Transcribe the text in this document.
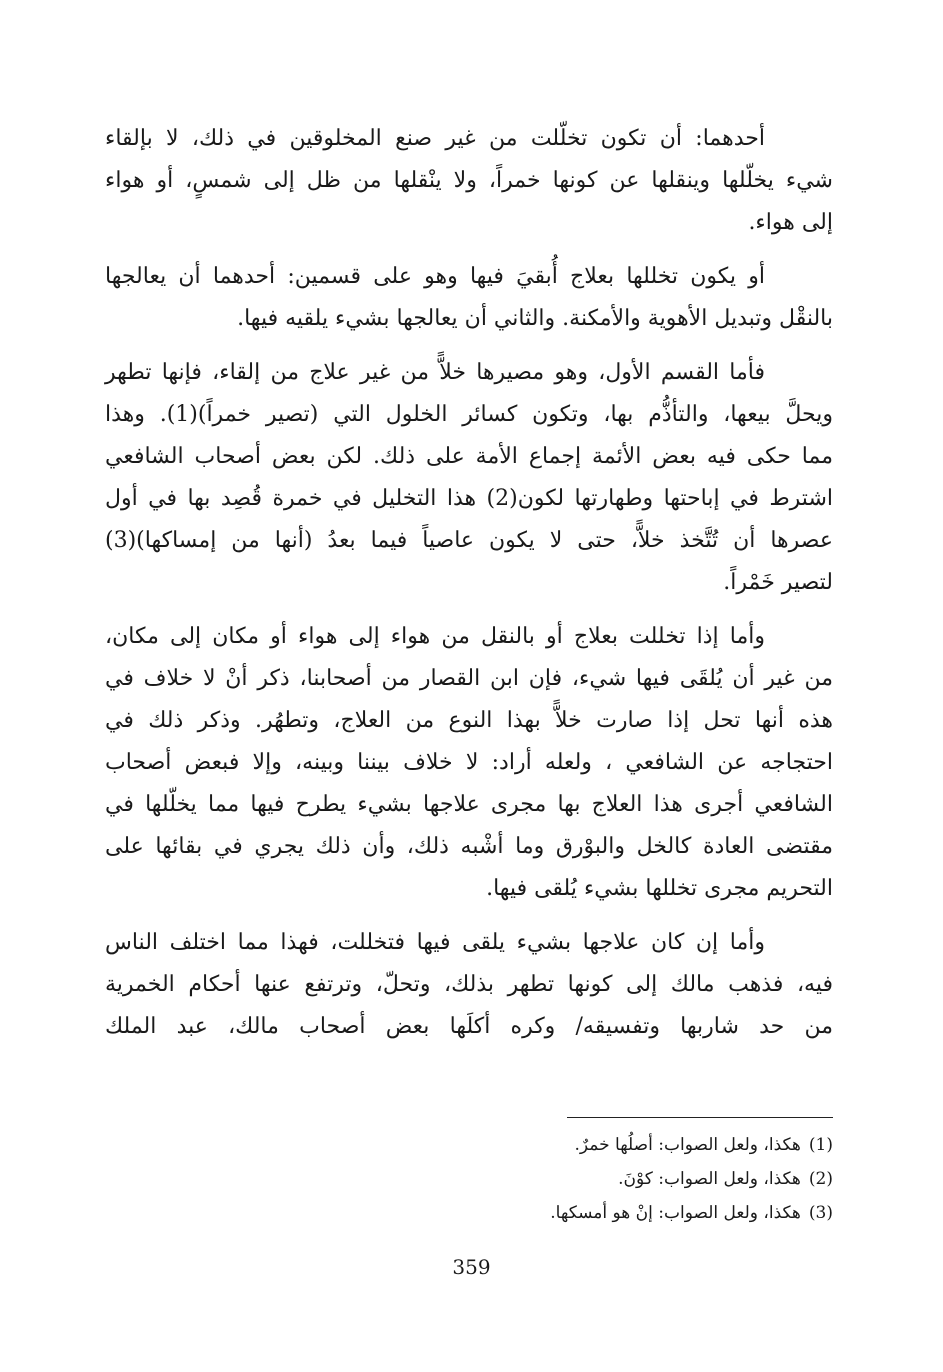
أحدهما: أن تكون تخلّلت من غير صنع المخلوقين في ذلك، لا بإلقاء
شيء يخلّلها وينقلها عن كونها خمراً، ولا ينْقلها من ظل إلى شمسٍ، أو هواء
إلى هواء.
أو يكون تخللها بعلاج أُبقيَ فيها وهو على قسمين: أحدهما أن يعالجها
بالنقْل وتبديل الأهوية والأمكنة. والثاني أن يعالجها بشيء يلقيه فيها.
فأما القسم الأول، وهو مصيرها خلاًّ من غير علاج من إلقاء، فإنها تطهر
ويحلَّ بيعها، والتأذُّم بها، وتكون كسائر الخلول التي (تصير خمراً)(1). وهذا
مما حكى فيه بعض الأئمة إجماع الأمة على ذلك. لكن بعض أصحاب الشافعي
اشترط في إباحتها وطهارتها لكون(2) هذا التخليل في خمرة قُصِد بها في أول
عصرها أن تُتَّخذ خلاًّ، حتى لا يكون عاصياً فيما بعدُ (أنها من إمساكها)(3)
لتصير خَمْراً.
وأما إذا تخللت بعلاج أو بالنقل من هواء إلى هواء أو مكان إلى مكان،
من غير أن يُلقَى فيها شيء، فإن ابن القصار من أصحابنا، ذكر أنْ لا خلاف في
هذه أنها تحل إذا صارت خلاًّ بهذا النوع من العلاج، وتطهُر. وذكر ذلك في
احتجاجه عن الشافعي ، ولعله أراد: لا خلاف بيننا وبينه، وإلا فبعض أصحاب
الشافعي أجرى هذا العلاج بها مجرى علاجها بشيء يطرح فيها مما يخلّلها في
مقتضى العادة كالخل والبوْرق وما أشْبه ذلك، وأن ذلك يجري في بقائها على
التحريم مجرى تخللها بشيء يُلقى فيها.
وأما إن كان علاجها بشيء يلقى فيها فتخللت، فهذا مما اختلف الناس
فيه، فذهب مالك إلى كونها تطهر بذلك، وتحلّ، وترتفع عنها أحكام الخمرية
من حد شاربها وتفسيقه/ وكره أكلَها بعض أصحاب مالك، عبد الملك
(1)هكذا، ولعل الصواب: أصلُها خمرٌ.
(2)هكذا، ولعل الصواب: كوْنَ.
(3)هكذا، ولعل الصواب: إنْ هو أمسكها.
359
